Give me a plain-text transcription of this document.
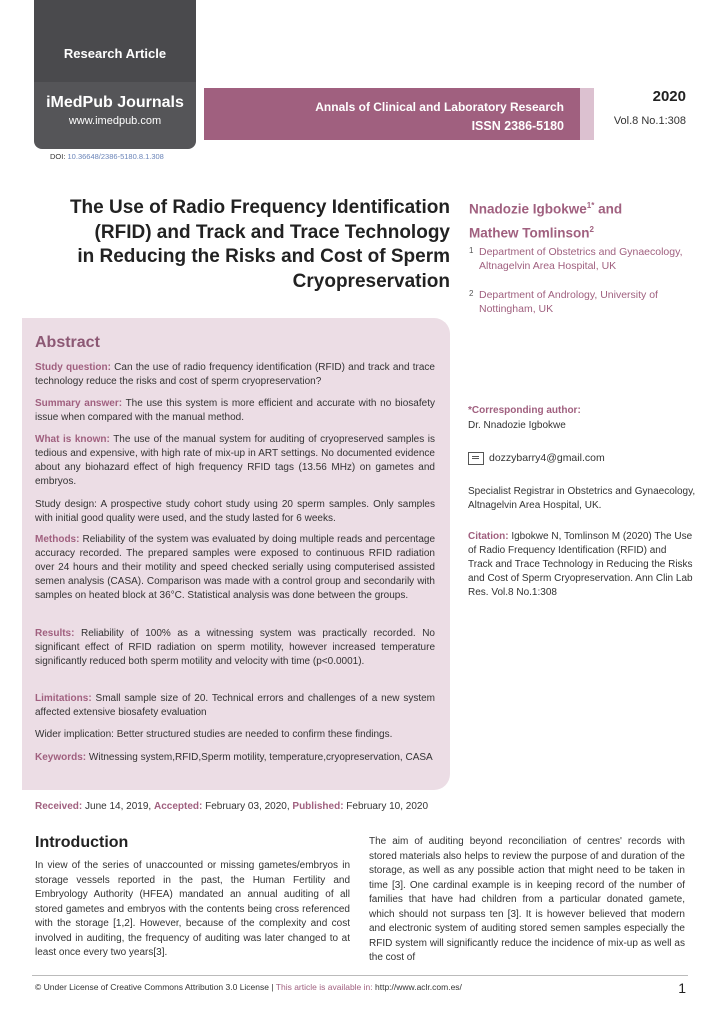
Research Article
iMedPub Journals
www.imedpub.com
Annals of Clinical and Laboratory Research
ISSN 2386-5180
2020
Vol.8 No.1:308
DOI: 10.36648/2386-5180.8.1.308
The Use of Radio Frequency Identification
(RFID) and Track and Trace Technology
in Reducing the Risks and Cost of Sperm
Cryopreservation
Nnadozie Igbokwe$^{1*}$ and
Mathew Tomlinson$^2$
1 Department of Obstetrics and Gynaecology, Altnagelvin Area Hospital, UK
2 Department of Andrology, University of Nottingham, UK
Abstract
Study question: Can the use of radio frequency identification (RFID) and track and trace technology reduce the risks and cost of sperm cryopreservation?
Summary answer: The use this system is more efficient and accurate with no biosafety issue when compared with the manual method.
What is known: The use of the manual system for auditing of cryopreserved samples is tedious and expensive, with high rate of mix-up in ART settings. No documented evidence about any biohazard effect of high frequency RFID tags (13.56 MHz) on gametes and embryos.
Study design: A prospective study cohort study using 20 sperm samples. Only samples with initial good quality were used, and the study lasted for 6 weeks.
Methods: Reliability of the system was evaluated by doing multiple reads and percentage accuracy recorded. The prepared samples were exposed to continuous RFID radiation over 24 hours and their motility and speed checked serially using computerised assisted semen analysis (CASA). Comparison was made with a control group and secondarily with samples on heated block at 36°C. Statistical analysis was done between the groups.
Results: Reliability of 100% as a witnessing system was practically recorded. No significant effect of RFID radiation on sperm motility, however increased temperature significantly reduced both sperm motility and velocity with time (p<0.0001).
Limitations: Small sample size of 20. Technical errors and challenges of a new system affected extensive biosafety evaluation
Wider implication: Better structured studies are needed to confirm these findings.
Keywords: Witnessing system,RFID,Sperm motility, temperature,cryopreservation, CASA
Received: June 14, 2019, Accepted: February 03, 2020, Published: February 10, 2020
*Corresponding author:
Dr. Nnadozie Igbokwe
dozzybarry4@gmail.com
Specialist Registrar in Obstetrics and Gynaecology, Altnagelvin Area Hospital, UK.
Citation: Igbokwe N, Tomlinson M (2020) The Use of Radio Frequency Identification (RFID) and Track and Trace Technology in Reducing the Risks and Cost of Sperm Cryopreservation. Ann Clin Lab Res. Vol.8 No.1:308
Introduction
In view of the series of unaccounted or missing gametes/embryos in storage vessels reported in the past, the Human Fertility and Embryology Authority (HFEA) mandated an annual auditing of all stored gametes and embryos with the contents being cross referenced with the storage [1,2]. However, because of the complexity and cost involved in auditing, the frequency of auditing was later changed to at least once every two years[3].
The aim of auditing beyond reconciliation of centres' records with stored materials also helps to review the purpose of and duration of the storage, as well as any possible action that might need to be taken in time [3]. One cardinal example is in keeping record of the number of families that have had children from a particular donated gamete, which should not surpass ten [3]. It is however believed that modern and electronic system of auditing stored semen samples especially the RFID system will significantly reduce the incidence of mix-up as well as the cost of
© Under License of Creative Commons Attribution 3.0 License | This article is available in: http://www.aclr.com.es/	1
